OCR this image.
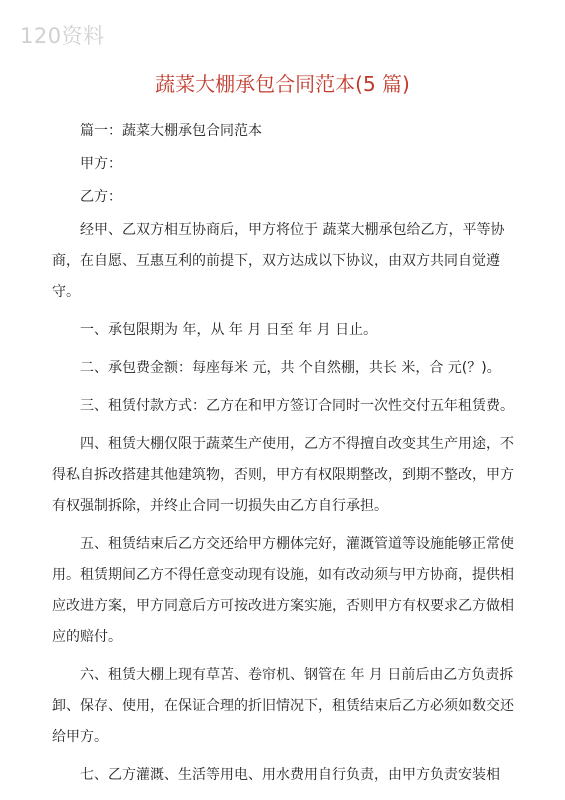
120资料
蔬菜大棚承包合同范本(5 篇)

篇一：蔬菜大棚承包合同范本

甲方：

乙方：

经甲、乙双方相互协商后，甲方将位于 蔬菜大棚承包给乙方，平等协商，在自愿、互惠互利的前提下，双方达成以下协议，由双方共同自觉遵守。

一、承包限期为 年，从 年 月 日至 年 月 日止。

二、承包费金额：每座每米 元，共 个自然棚，共长 米，合 元(？)。

三、租赁付款方式：乙方在和甲方签订合同时一次性交付五年租赁费。

四、租赁大棚仅限于蔬菜生产使用，乙方不得擅自改变其生产用途，不得私自拆改搭建其他建筑物，否则，甲方有权限期整改，到期不整改，甲方有权强制拆除，并终止合同一切损失由乙方自行承担。

五、租赁结束后乙方交还给甲方棚体完好，灌溉管道等设施能够正常使用。租赁期间乙方不得任意变动现有设施，如有改动须与甲方协商，提供相应改进方案，甲方同意后方可按改进方案实施，否则甲方有权要求乙方做相应的赔付。

六、租赁大棚上现有草苫、卷帘机、钢管在 年 月 日前后由乙方负责拆卸、保存、使用，在保证合理的折旧情况下，租赁结束后乙方必须如数交还给甲方。

七、乙方灌溉、生活等用电、用水费用自行负责，由甲方负责安装相
